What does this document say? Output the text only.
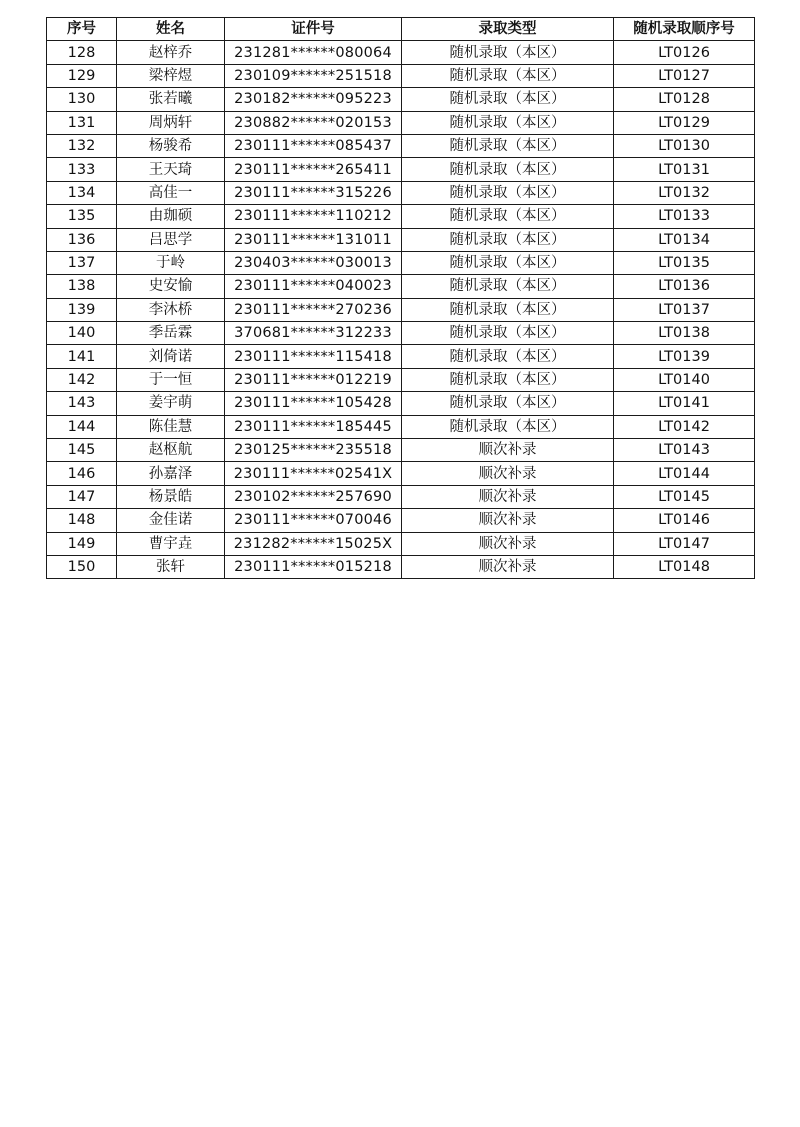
序号	姓名	证件号	录取类型	随机录取顺序号
128	赵梓乔	231281******080064	随机录取（本区）	LT0126
129	梁梓煜	230109******251518	随机录取（本区）	LT0127
130	张若曦	230182******095223	随机录取（本区）	LT0128
131	周炳轩	230882******020153	随机录取（本区）	LT0129
132	杨骏希	230111******085437	随机录取（本区）	LT0130
133	王天琦	230111******265411	随机录取（本区）	LT0131
134	高佳一	230111******315226	随机录取（本区）	LT0132
135	由珈硕	230111******110212	随机录取（本区）	LT0133
136	吕思学	230111******131011	随机录取（本区）	LT0134
137	于岭	230403******030013	随机录取（本区）	LT0135
138	史安愉	230111******040023	随机录取（本区）	LT0136
139	李沐桥	230111******270236	随机录取（本区）	LT0137
140	季岳霖	370681******312233	随机录取（本区）	LT0138
141	刘倚诺	230111******115418	随机录取（本区）	LT0139
142	于一恒	230111******012219	随机录取（本区）	LT0140
143	姜宇萌	230111******105428	随机录取（本区）	LT0141
144	陈佳慧	230111******185445	随机录取（本区）	LT0142
145	赵枢航	230125******235518	顺次补录	LT0143
146	孙嘉泽	230111******02541X	顺次补录	LT0144
147	杨景皓	230102******257690	顺次补录	LT0145
148	金佳诺	230111******070046	顺次补录	LT0146
149	曹宇垚	231282******15025X	顺次补录	LT0147
150	张轩	230111******015218	顺次补录	LT0148
